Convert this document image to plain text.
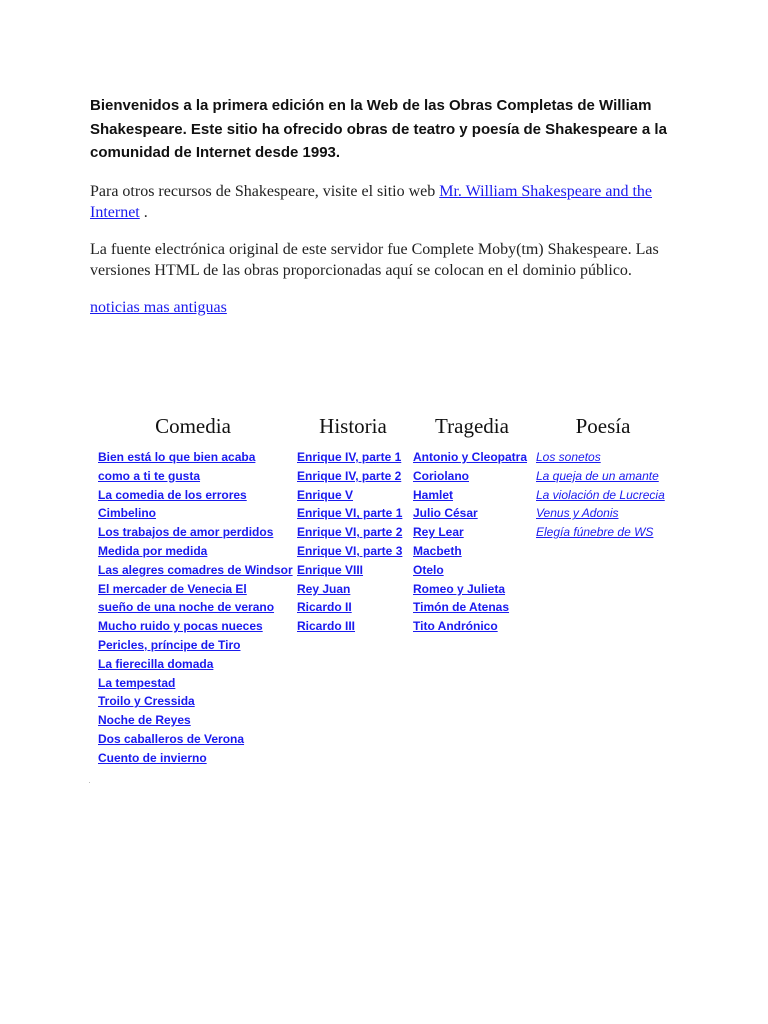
Bienvenidos a la primera edición en la Web de las Obras Completas de William Shakespeare. Este sitio ha ofrecido obras de teatro y poesía de Shakespeare a la comunidad de Internet desde 1993.

Para otros recursos de Shakespeare, visite el sitio web Mr. William Shakespeare and the Internet .

La fuente electrónica original de este servidor fue Complete Moby(tm) Shakespeare. Las versiones HTML de las obras proporcionadas aquí se colocan en el dominio público.

noticias mas antiguas

Comedia
Bien está lo que bien acaba
como a ti te gusta
La comedia de los errores
Cimbelino
Los trabajos de amor perdidos
Medida por medida
Las alegres comadres de Windsor
El mercader de Venecia El
sueño de una noche de verano
Mucho ruido y pocas nueces
Pericles, príncipe de Tiro
La fierecilla domada
La tempestad
Troilo y Cressida
Noche de Reyes
Dos caballeros de Verona
Cuento de invierno
Historia
Enrique IV, parte 1
Enrique IV, parte 2
Enrique V
Enrique VI, parte 1
Enrique VI, parte 2
Enrique VI, parte 3
Enrique VIII
Rey Juan
Ricardo II
Ricardo III
Tragedia
Antonio y Cleopatra
Coriolano
Hamlet
Julio César
Rey Lear
Macbeth
Otelo
Romeo y Julieta
Timón de Atenas
Tito Andrónico
Poesía
Los sonetos
La queja de un amante
La violación de Lucrecia
Venus y Adonis
Elegía fúnebre de WS
